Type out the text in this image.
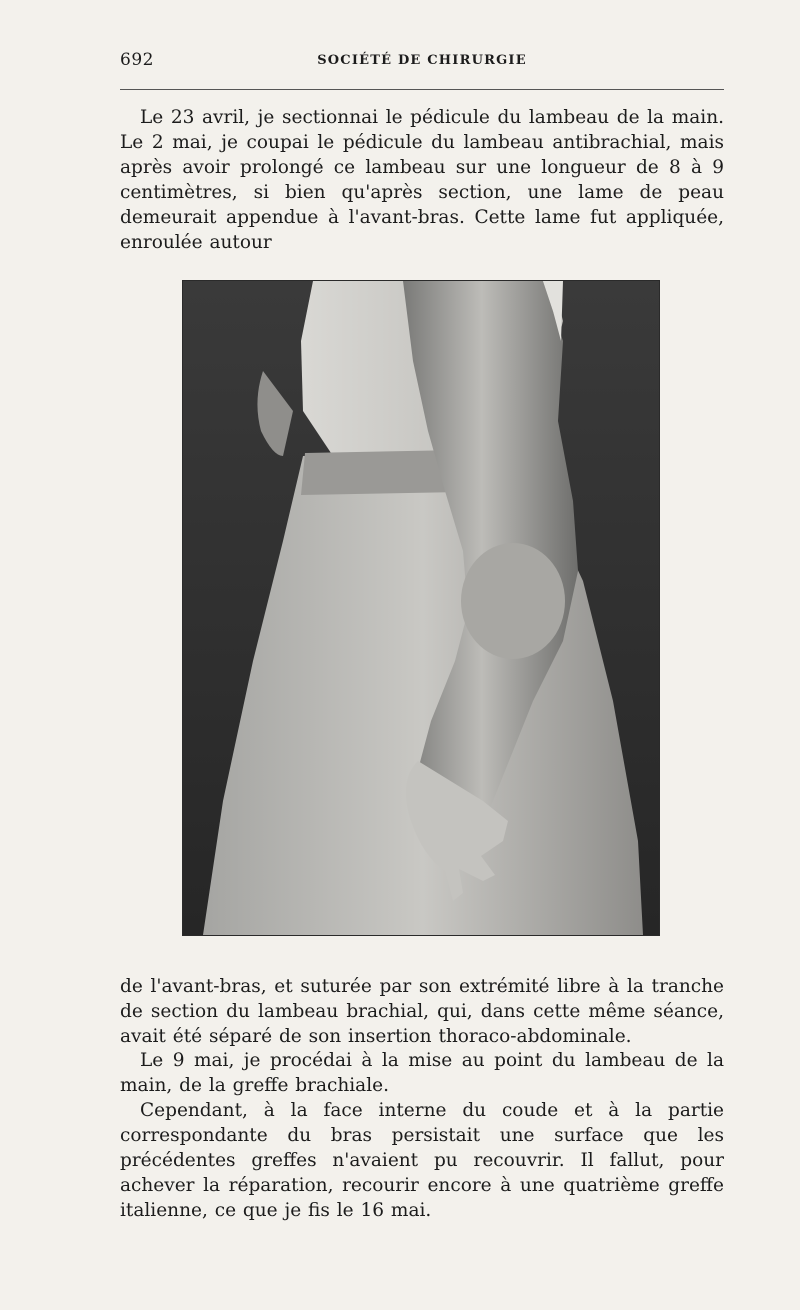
692	SOCIÉTÉ DE CHIRURGIE

Le 23 avril, je sectionnai le pédicule du lambeau de la main. Le 2 mai, je coupai le pédicule du lambeau antibrachial, mais après avoir prolongé ce lambeau sur une longueur de 8 à 9 centimètres, si bien qu'après section, une lame de peau demeurait appendue à l'avant-bras. Cette lame fut appliquée, enroulée autour

de l'avant-bras, et suturée par son extrémité libre à la tranche de section du lambeau brachial, qui, dans cette même séance, avait été séparé de son insertion thoraco-abdominale.

Le 9 mai, je procédai à la mise au point du lambeau de la main, de la greffe brachiale.

Cependant, à la face interne du coude et à la partie correspondante du bras persistait une surface que les précédentes greffes n'avaient pu recouvrir. Il fallut, pour achever la réparation, recourir encore à une quatrième greffe italienne, ce que je fis le 16 mai.
